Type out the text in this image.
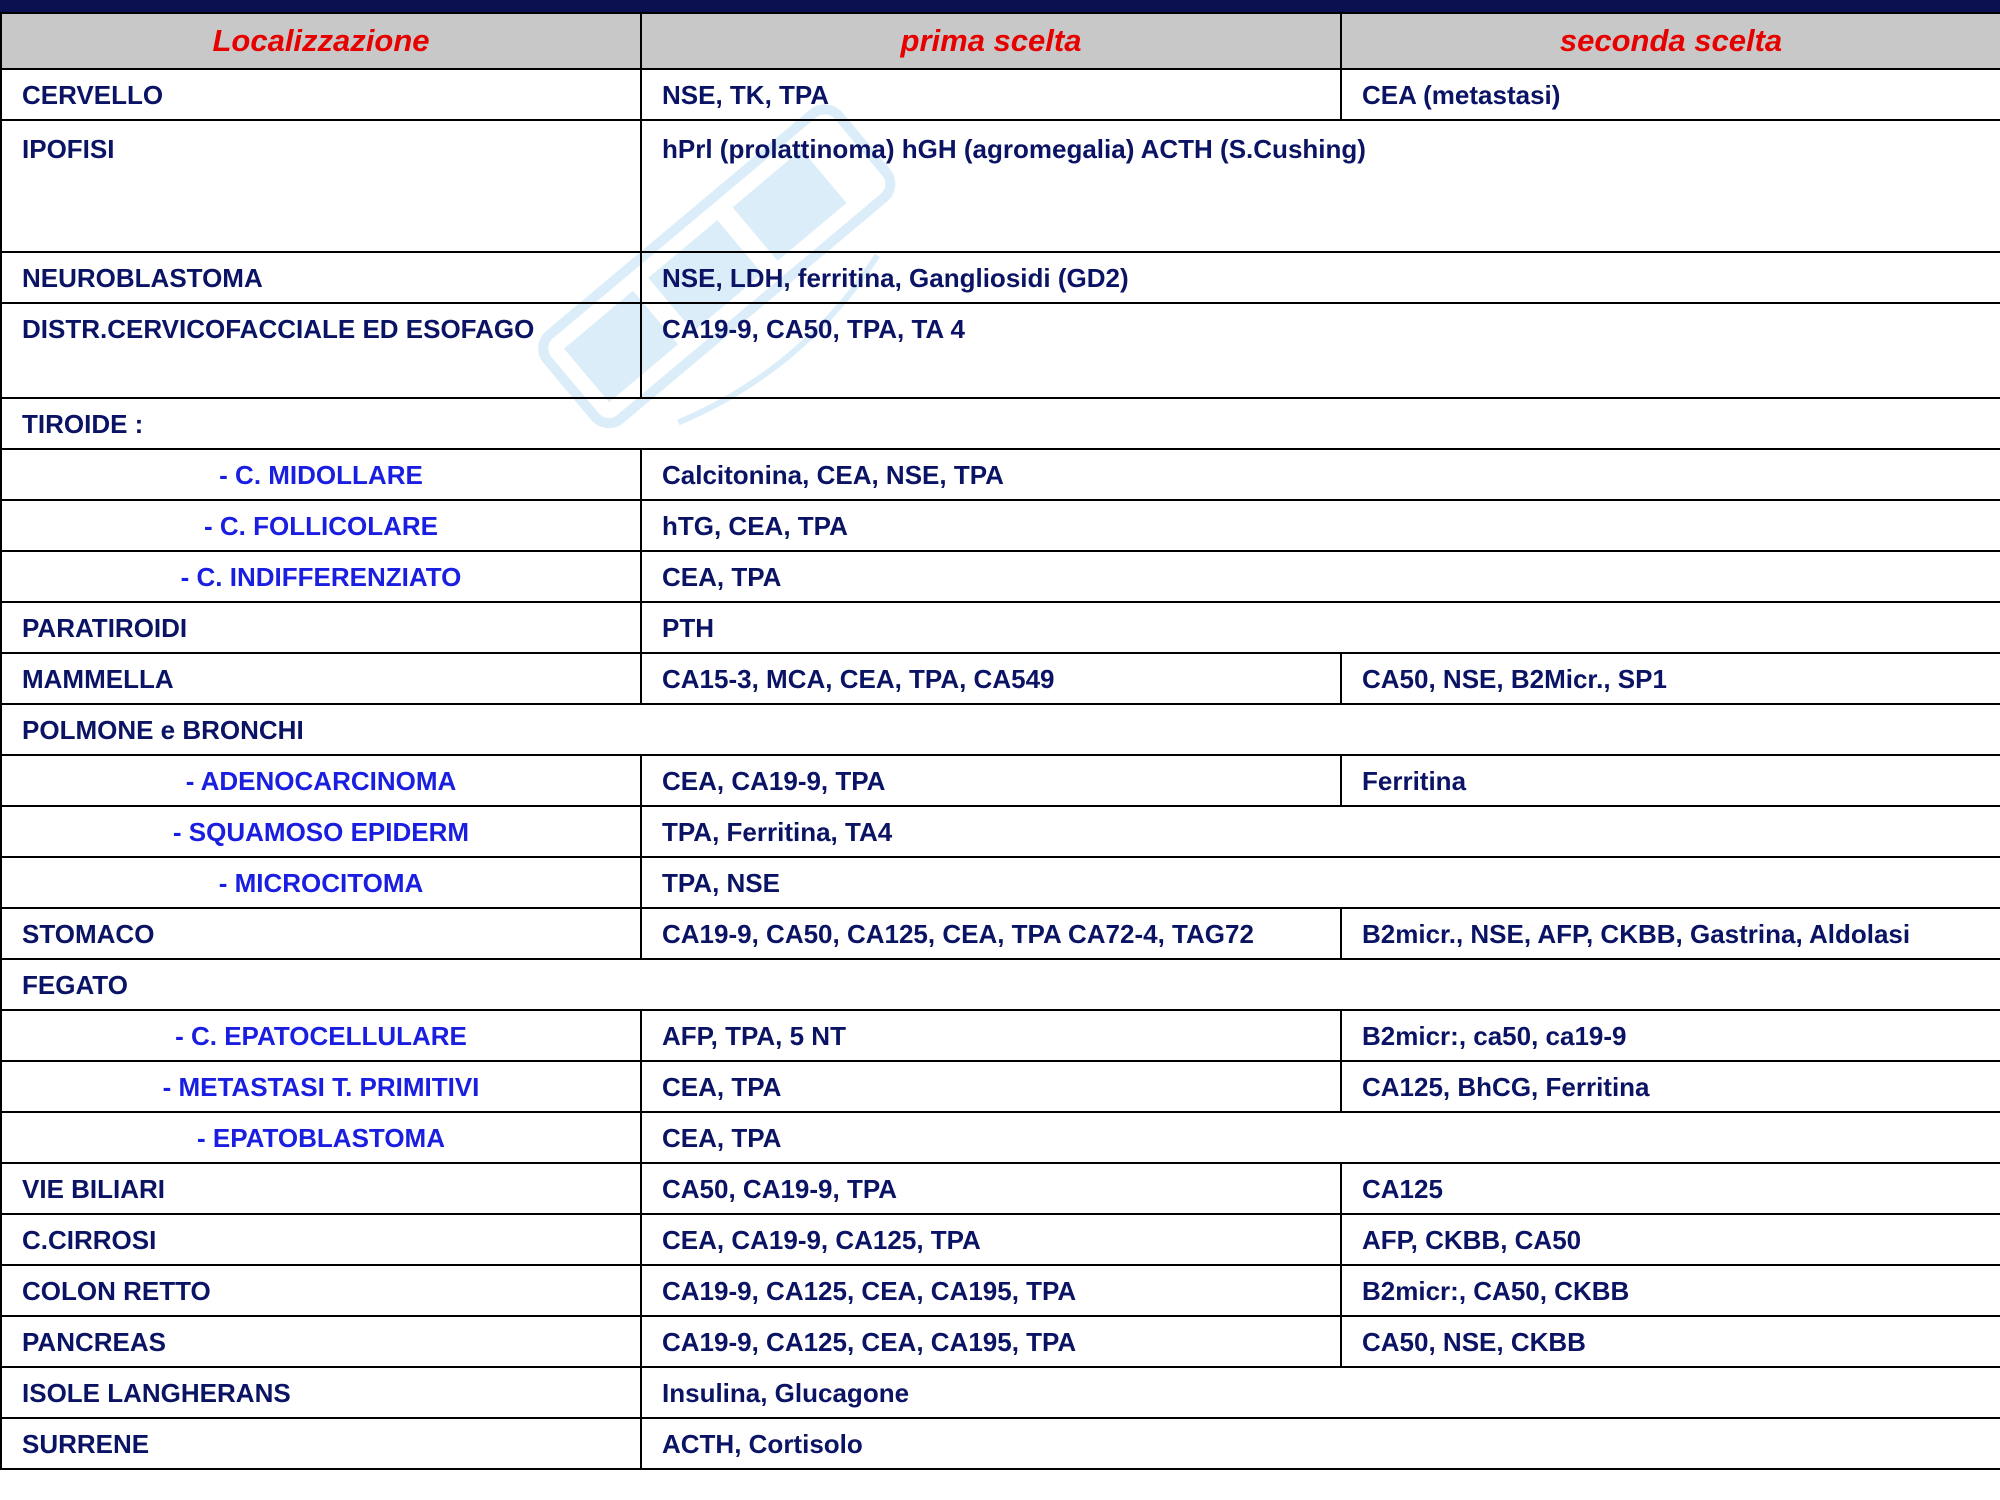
Localizzazione	prima scelta	seconda scelta
CERVELLO	NSE, TK, TPA	CEA (metastasi)
IPOFISI	hPrl (prolattinoma) hGH (agromegalia) ACTH (S.Cushing)	
NEUROBLASTOMA	NSE, LDH, ferritina, Gangliosidi (GD2)	
DISTR.CERVICOFACCIALE ED ESOFAGO	CA19-9, CA50, TPA, TA 4	
TIROIDE :		
- C. MIDOLLARE	Calcitonina, CEA, NSE, TPA	
- C. FOLLICOLARE	hTG, CEA, TPA	
- C. INDIFFERENZIATO	CEA, TPA	
PARATIROIDI	PTH	
MAMMELLA	CA15-3, MCA, CEA, TPA, CA549	CA50, NSE, B2Micr., SP1
POLMONE e BRONCHI		
- ADENOCARCINOMA	CEA, CA19-9, TPA	Ferritina
- SQUAMOSO EPIDERM	TPA, Ferritina, TA4	
- MICROCITOMA	TPA, NSE	
STOMACO	CA19-9, CA50, CA125, CEA, TPA CA72-4, TAG72	B2micr., NSE, AFP, CKBB, Gastrina, Aldolasi
FEGATO		
- C. EPATOCELLULARE	AFP, TPA, 5 NT	B2micr:, ca50, ca19-9
- METASTASI T. PRIMITIVI	CEA, TPA	CA125, BhCG, Ferritina
- EPATOBLASTOMA	CEA, TPA	
VIE BILIARI	CA50, CA19-9, TPA	CA125
C.CIRROSI	CEA, CA19-9, CA125, TPA	AFP, CKBB, CA50
COLON RETTO	CA19-9, CA125, CEA, CA195, TPA	B2micr:, CA50, CKBB
PANCREAS	CA19-9, CA125, CEA, CA195, TPA	CA50, NSE, CKBB
ISOLE LANGHERANS	Insulina, Glucagone	
SURRENE	ACTH, Cortisolo	
